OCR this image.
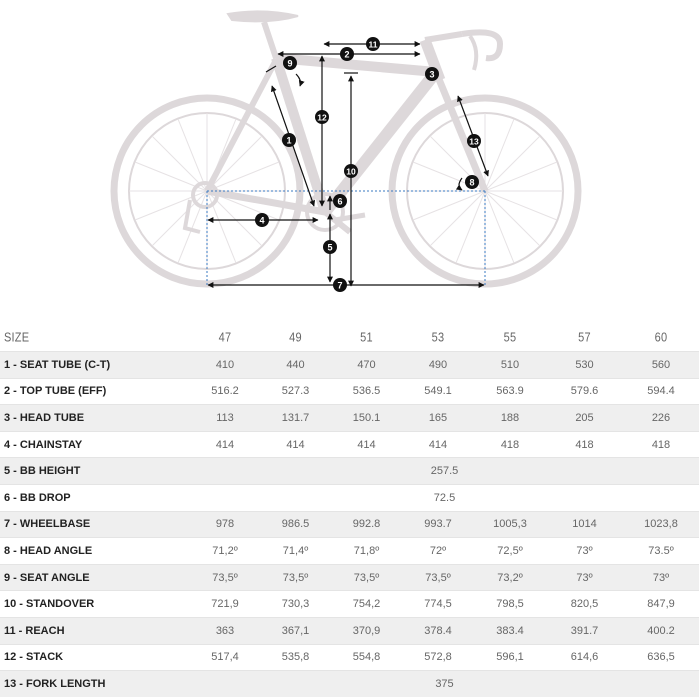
1
2
3
4
5
6
7
8
9
10
11
12
13
SIZE	47	49	51	53	55	57	60
1 - SEAT TUBE (C-T)	410	440	470	490	510	530	560
2 - TOP TUBE (EFF)	516.2	527.3	536.5	549.1	563.9	579.6	594.4
3 - HEAD TUBE	113	131.7	150.1	165	188	205	226
4 - CHAINSTAY	414	414	414	414	418	418	418
5 - BB HEIGHT	257.5						
6 - BB DROP	72.5						
7 - WHEELBASE	978	986.5	992.8	993.7	1005,3	1014	1023,8
8 - HEAD ANGLE	71,2º	71,4º	71,8º	72º	72,5º	73º	73.5º
9 - SEAT ANGLE	73,5º	73,5º	73,5º	73,5º	73,2º	73º	73º
10 - STANDOVER	721,9	730,3	754,2	774,5	798,5	820,5	847,9
11 - REACH	363	367,1	370,9	378.4	383.4	391.7	400.2
12 - STACK	517,4	535,8	554,8	572,8	596,1	614,6	636,5
13 - FORK LENGTH	375						
